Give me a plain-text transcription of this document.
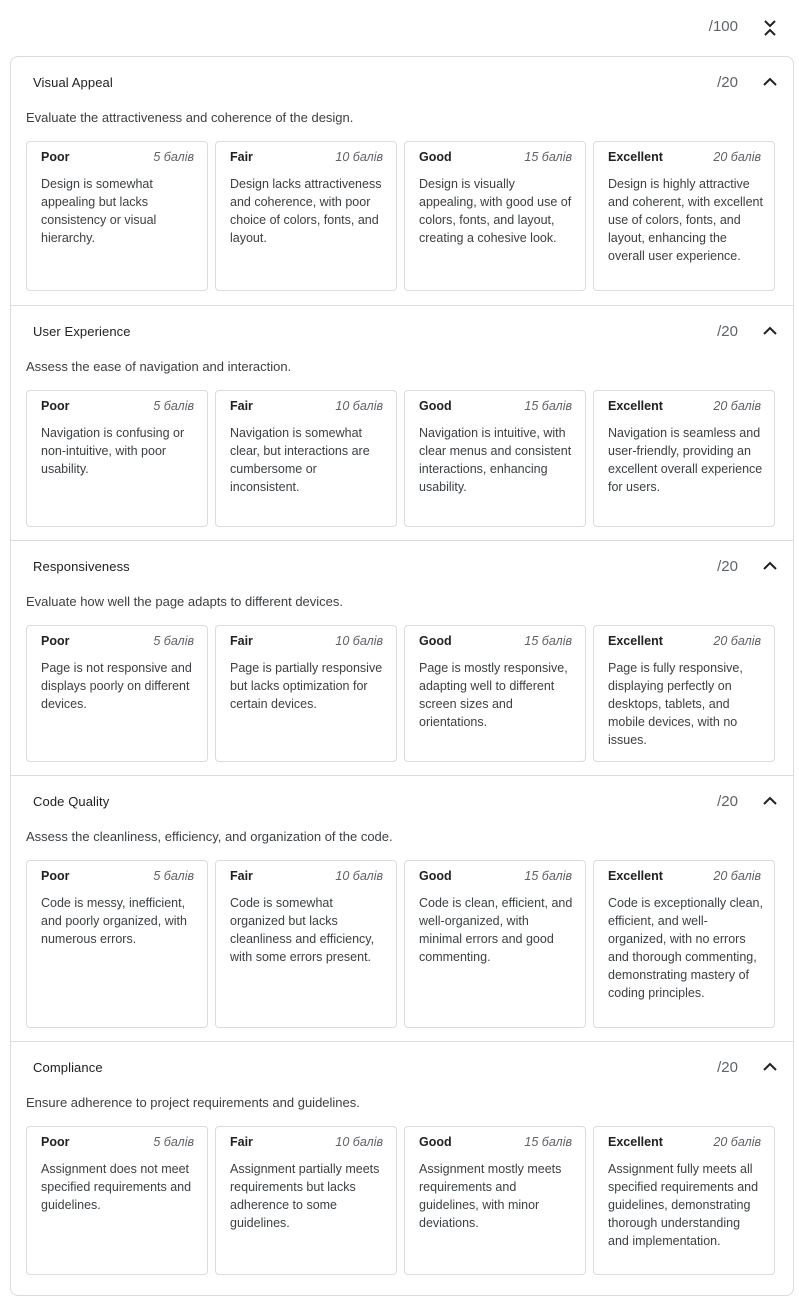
/100
Visual Appeal	/20
Evaluate the attractiveness and coherence of the design.
Poor	5 балів
Design is somewhat appealing but lacks consistency or visual hierarchy.
Fair	10 балів
Design lacks attractiveness and coherence, with poor choice of colors, fonts, and layout.
Good	15 балів
Design is visually appealing, with good use of colors, fonts, and layout, creating a cohesive look.
Excellent	20 балів
Design is highly attractive and coherent, with excellent use of colors, fonts, and layout, enhancing the overall user experience.
User Experience	/20
Assess the ease of navigation and interaction.
Poor	5 балів
Navigation is confusing or non-intuitive, with poor usability.
Fair	10 балів
Navigation is somewhat clear, but interactions are cumbersome or inconsistent.
Good	15 балів
Navigation is intuitive, with clear menus and consistent interactions, enhancing usability.
Excellent	20 балів
Navigation is seamless and user-friendly, providing an excellent overall experience for users.
Responsiveness	/20
Evaluate how well the page adapts to different devices.
Poor	5 балів
Page is not responsive and displays poorly on different devices.
Fair	10 балів
Page is partially responsive but lacks optimization for certain devices.
Good	15 балів
Page is mostly responsive, adapting well to different screen sizes and orientations.
Excellent	20 балів
Page is fully responsive, displaying perfectly on desktops, tablets, and mobile devices, with no issues.
Code Quality	/20
Assess the cleanliness, efficiency, and organization of the code.
Poor	5 балів
Code is messy, inefficient, and poorly organized, with numerous errors.
Fair	10 балів
Code is somewhat organized but lacks cleanliness and efficiency, with some errors present.
Good	15 балів
Code is clean, efficient, and well-organized, with minimal errors and good commenting.
Excellent	20 балів
Code is exceptionally clean, efficient, and well-organized, with no errors and thorough commenting, demonstrating mastery of coding principles.
Compliance	/20
Ensure adherence to project requirements and guidelines.
Poor	5 балів
Assignment does not meet specified requirements and guidelines.
Fair	10 балів
Assignment partially meets requirements but lacks adherence to some guidelines.
Good	15 балів
Assignment mostly meets requirements and guidelines, with minor deviations.
Excellent	20 балів
Assignment fully meets all specified requirements and guidelines, demonstrating thorough understanding and implementation.
